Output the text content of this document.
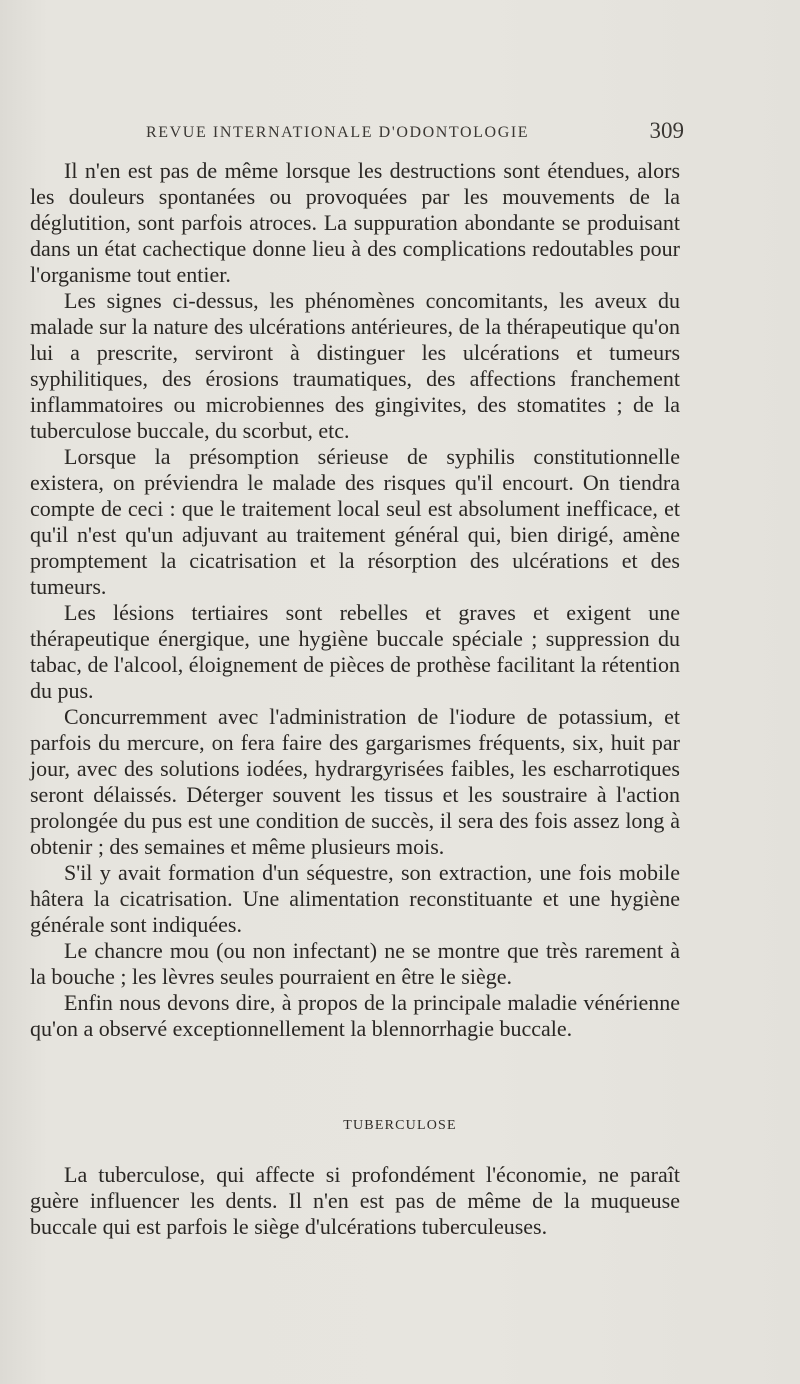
REVUE INTERNATIONALE D'ODONTOLOGIE	309

Il n'en est pas de même lorsque les destructions sont étendues, alors les douleurs spontanées ou provoquées par les mouvements de la déglutition, sont parfois atroces. La suppuration abondante se produisant dans un état cachectique donne lieu à des complications redoutables pour l'organisme tout entier.

Les signes ci-dessus, les phénomènes concomitants, les aveux du malade sur la nature des ulcérations antérieures, de la thérapeutique qu'on lui a prescrite, serviront à distinguer les ulcérations et tumeurs syphilitiques, des érosions traumatiques, des affections franchement inflammatoires ou microbiennes des gingivites, des stomatites ; de la tuberculose buccale, du scorbut, etc.

Lorsque la présomption sérieuse de syphilis constitutionnelle existera, on préviendra le malade des risques qu'il encourt. On tiendra compte de ceci : que le traitement local seul est absolument inefficace, et qu'il n'est qu'un adjuvant au traitement général qui, bien dirigé, amène promptement la cicatrisation et la résorption des ulcérations et des tumeurs.

Les lésions tertiaires sont rebelles et graves et exigent une thérapeutique énergique, une hygiène buccale spéciale ; suppression du tabac, de l'alcool, éloignement de pièces de prothèse facilitant la rétention du pus.

Concurremment avec l'administration de l'iodure de potassium, et parfois du mercure, on fera faire des gargarismes fréquents, six, huit par jour, avec des solutions iodées, hydrargyrisées faibles, les escharrotiques seront délaissés. Déterger souvent les tissus et les soustraire à l'action prolongée du pus est une condition de succès, il sera des fois assez long à obtenir ; des semaines et même plusieurs mois.

S'il y avait formation d'un séquestre, son extraction, une fois mobile hâtera la cicatrisation. Une alimentation reconstituante et une hygiène générale sont indiquées.

Le chancre mou (ou non infectant) ne se montre que très rarement à la bouche ; les lèvres seules pourraient en être le siège.

Enfin nous devons dire, à propos de la principale maladie vénérienne qu'on a observé exceptionnellement la blennorrhagie buccale.

TUBERCULOSE

La tuberculose, qui affecte si profondément l'économie, ne paraît guère influencer les dents. Il n'en est pas de même de la muqueuse buccale qui est parfois le siège d'ulcérations tuberculeuses.
